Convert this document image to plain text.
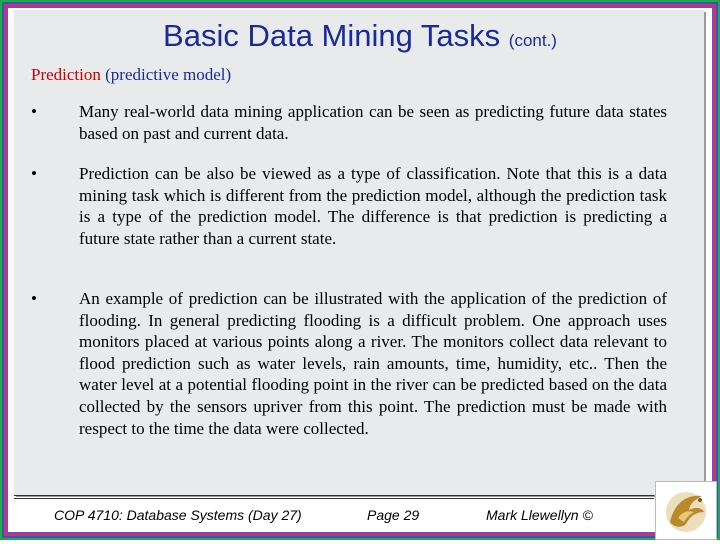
Basic Data Mining Tasks (cont.)
Prediction (predictive model)
• Many real-world data mining application can be seen as predicting future data states based on past and current data.
• Prediction can be also be viewed as a type of classification. Note that this is a data mining task which is different from the prediction model, although the prediction task is a type of the prediction model. The difference is that prediction is predicting a future state rather than a current state.
• An example of prediction can be illustrated with the application of the prediction of flooding. In general predicting flooding is a difficult problem. One approach uses monitors placed at various points along a river. The monitors collect data relevant to flood prediction such as water levels, rain amounts, time, humidity, etc.. Then the water level at a potential flooding point in the river can be predicted based on the data collected by the sensors upriver from this point. The prediction must be made with respect to the time the data were collected.
COP 4710: Database Systems (Day 27)	Page 29	Mark Llewellyn ©
